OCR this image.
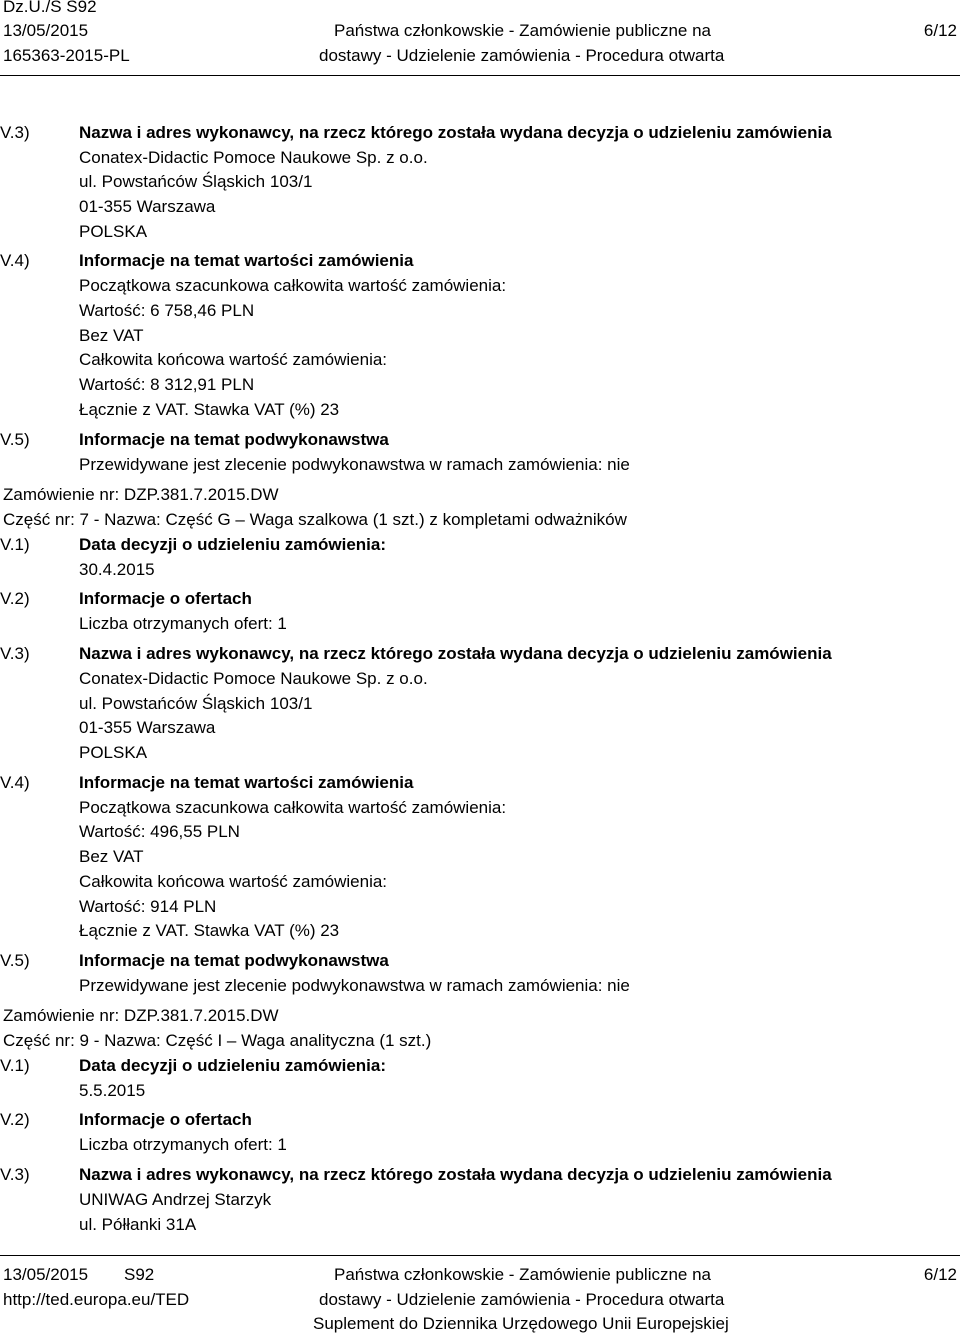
Dz.U./S S92
13/05/2015
165363-2015-PL
Państwa członkowskie - Zamówienie publiczne na
dostawy - Udzielenie zamówienia - Procedura otwarta
6/12
V.3)	Nazwa i adres wykonawcy, na rzecz którego została wydana decyzja o udzieleniu zamówienia
Conatex-Didactic Pomoce Naukowe Sp. z o.o.
ul. Powstańców Śląskich 103/1
01-355 Warszawa
POLSKA
V.4)	Informacje na temat wartości zamówienia
Początkowa szacunkowa całkowita wartość zamówienia:
Wartość: 6 758,46 PLN
Bez VAT
Całkowita końcowa wartość zamówienia:
Wartość: 8 312,91 PLN
Łącznie z VAT. Stawka VAT (%) 23
V.5)	Informacje na temat podwykonawstwa
Przewidywane jest zlecenie podwykonawstwa w ramach zamówienia: nie
Zamówienie nr: DZP.381.7.2015.DW
Część nr: 7 - Nazwa: Część G – Waga szalkowa (1 szt.) z kompletami odważników
V.1)	Data decyzji o udzieleniu zamówienia:
30.4.2015
V.2)	Informacje o ofertach
Liczba otrzymanych ofert: 1
V.3)	Nazwa i adres wykonawcy, na rzecz którego została wydana decyzja o udzieleniu zamówienia
Conatex-Didactic Pomoce Naukowe Sp. z o.o.
ul. Powstańców Śląskich 103/1
01-355 Warszawa
POLSKA
V.4)	Informacje na temat wartości zamówienia
Początkowa szacunkowa całkowita wartość zamówienia:
Wartość: 496,55 PLN
Bez VAT
Całkowita końcowa wartość zamówienia:
Wartość: 914 PLN
Łącznie z VAT. Stawka VAT (%) 23
V.5)	Informacje na temat podwykonawstwa
Przewidywane jest zlecenie podwykonawstwa w ramach zamówienia: nie
Zamówienie nr: DZP.381.7.2015.DW
Część nr: 9 - Nazwa: Część I – Waga analityczna (1 szt.)
V.1)	Data decyzji o udzieleniu zamówienia:
5.5.2015
V.2)	Informacje o ofertach
Liczba otrzymanych ofert: 1
V.3)	Nazwa i adres wykonawcy, na rzecz którego została wydana decyzja o udzieleniu zamówienia
UNIWAG Andrzej Starzyk
ul. Półłanki 31A
13/05/2015 S92
http://ted.europa.eu/TED
Państwa członkowskie - Zamówienie publiczne na
dostawy - Udzielenie zamówienia - Procedura otwarta
Suplement do Dziennika Urzędowego Unii Europejskiej
6/12
